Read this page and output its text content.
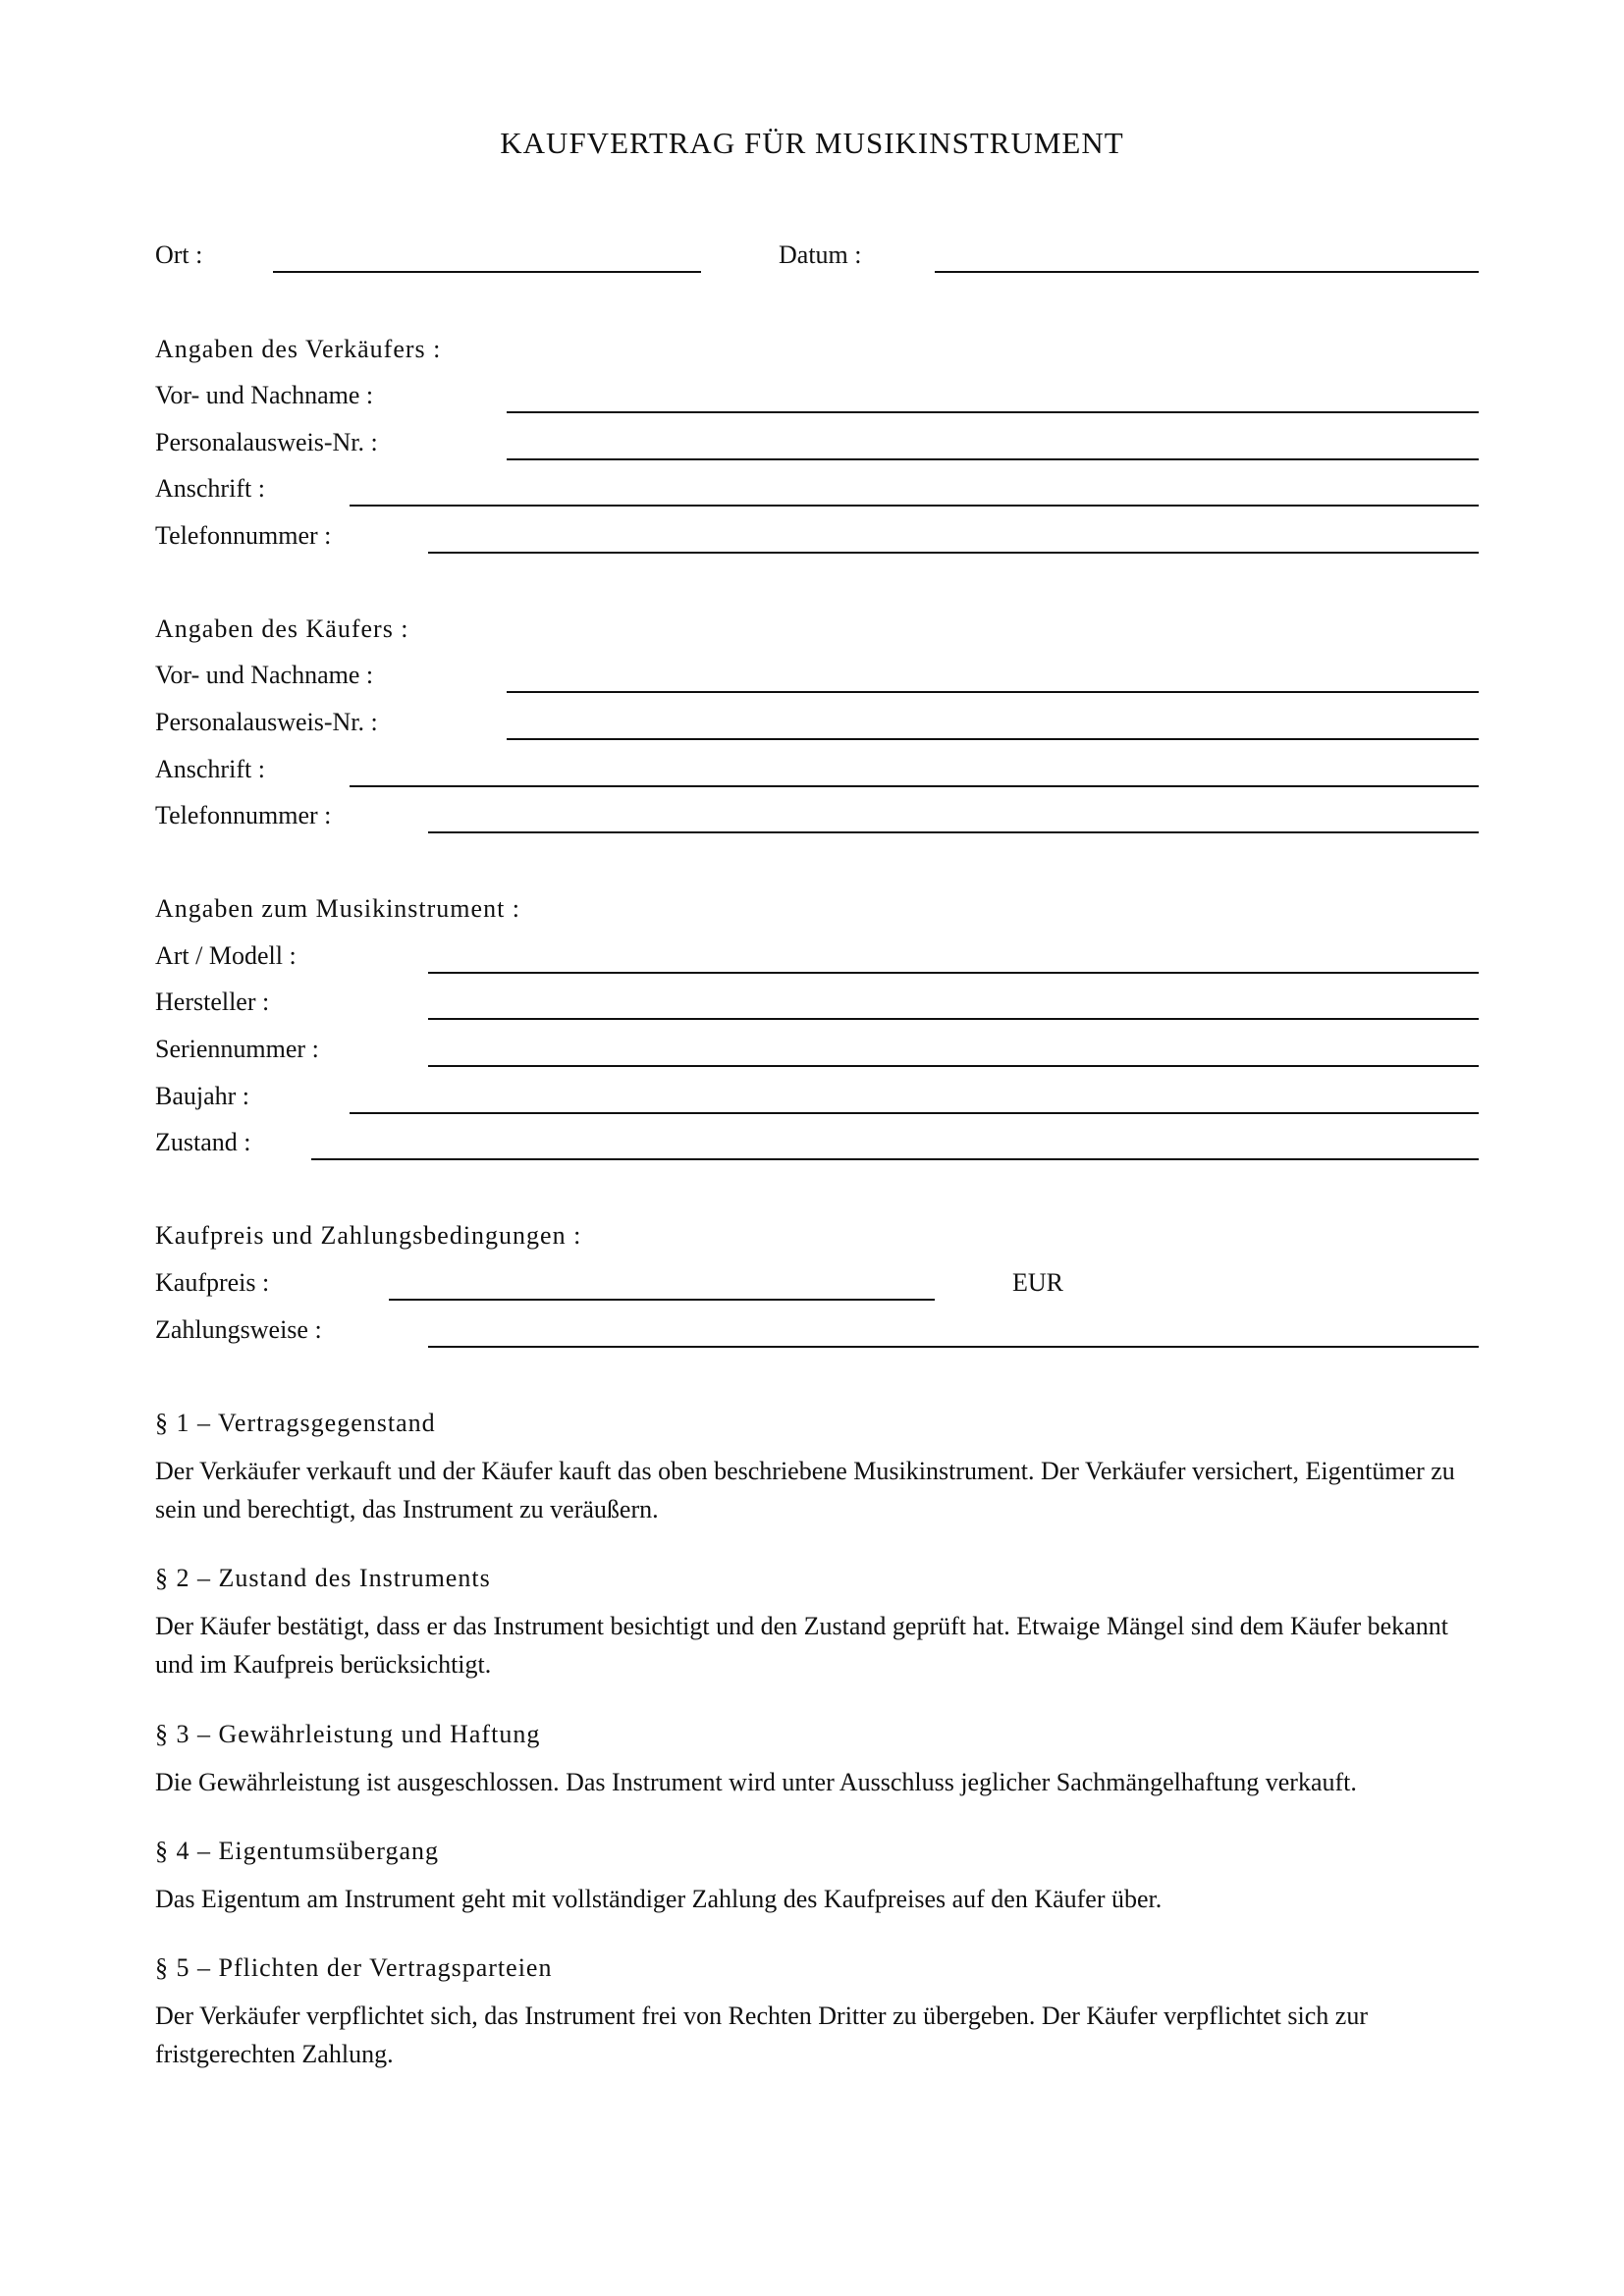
KAUFVERTRAG FÜR MUSIKINSTRUMENT
Ort :	Datum :
Angaben des Verkäufers :
Vor- und Nachname :
Personalausweis-Nr. :
Anschrift :
Telefonnummer :
Angaben des Käufers :
Vor- und Nachname :
Personalausweis-Nr. :
Anschrift :
Telefonnummer :
Angaben zum Musikinstrument :
Art / Modell :
Hersteller :
Seriennummer :
Baujahr :
Zustand :
Kaufpreis und Zahlungsbedingungen :
Kaufpreis :	EUR
Zahlungsweise :
§ 1 – Vertragsgegenstand
Der Verkäufer verkauft und der Käufer kauft das oben beschriebene Musikinstrument. Der Verkäufer versichert, Eigentümer zu sein und berechtigt, das Instrument zu veräußern.
§ 2 – Zustand des Instruments
Der Käufer bestätigt, dass er das Instrument besichtigt und den Zustand geprüft hat. Etwaige Mängel sind dem Käufer bekannt und im Kaufpreis berücksichtigt.
§ 3 – Gewährleistung und Haftung
Die Gewährleistung ist ausgeschlossen. Das Instrument wird unter Ausschluss jeglicher Sachmängelhaftung verkauft.
§ 4 – Eigentumsübergang
Das Eigentum am Instrument geht mit vollständiger Zahlung des Kaufpreises auf den Käufer über.
§ 5 – Pflichten der Vertragsparteien
Der Verkäufer verpflichtet sich, das Instrument frei von Rechten Dritter zu übergeben. Der Käufer verpflichtet sich zur fristgerechten Zahlung.
